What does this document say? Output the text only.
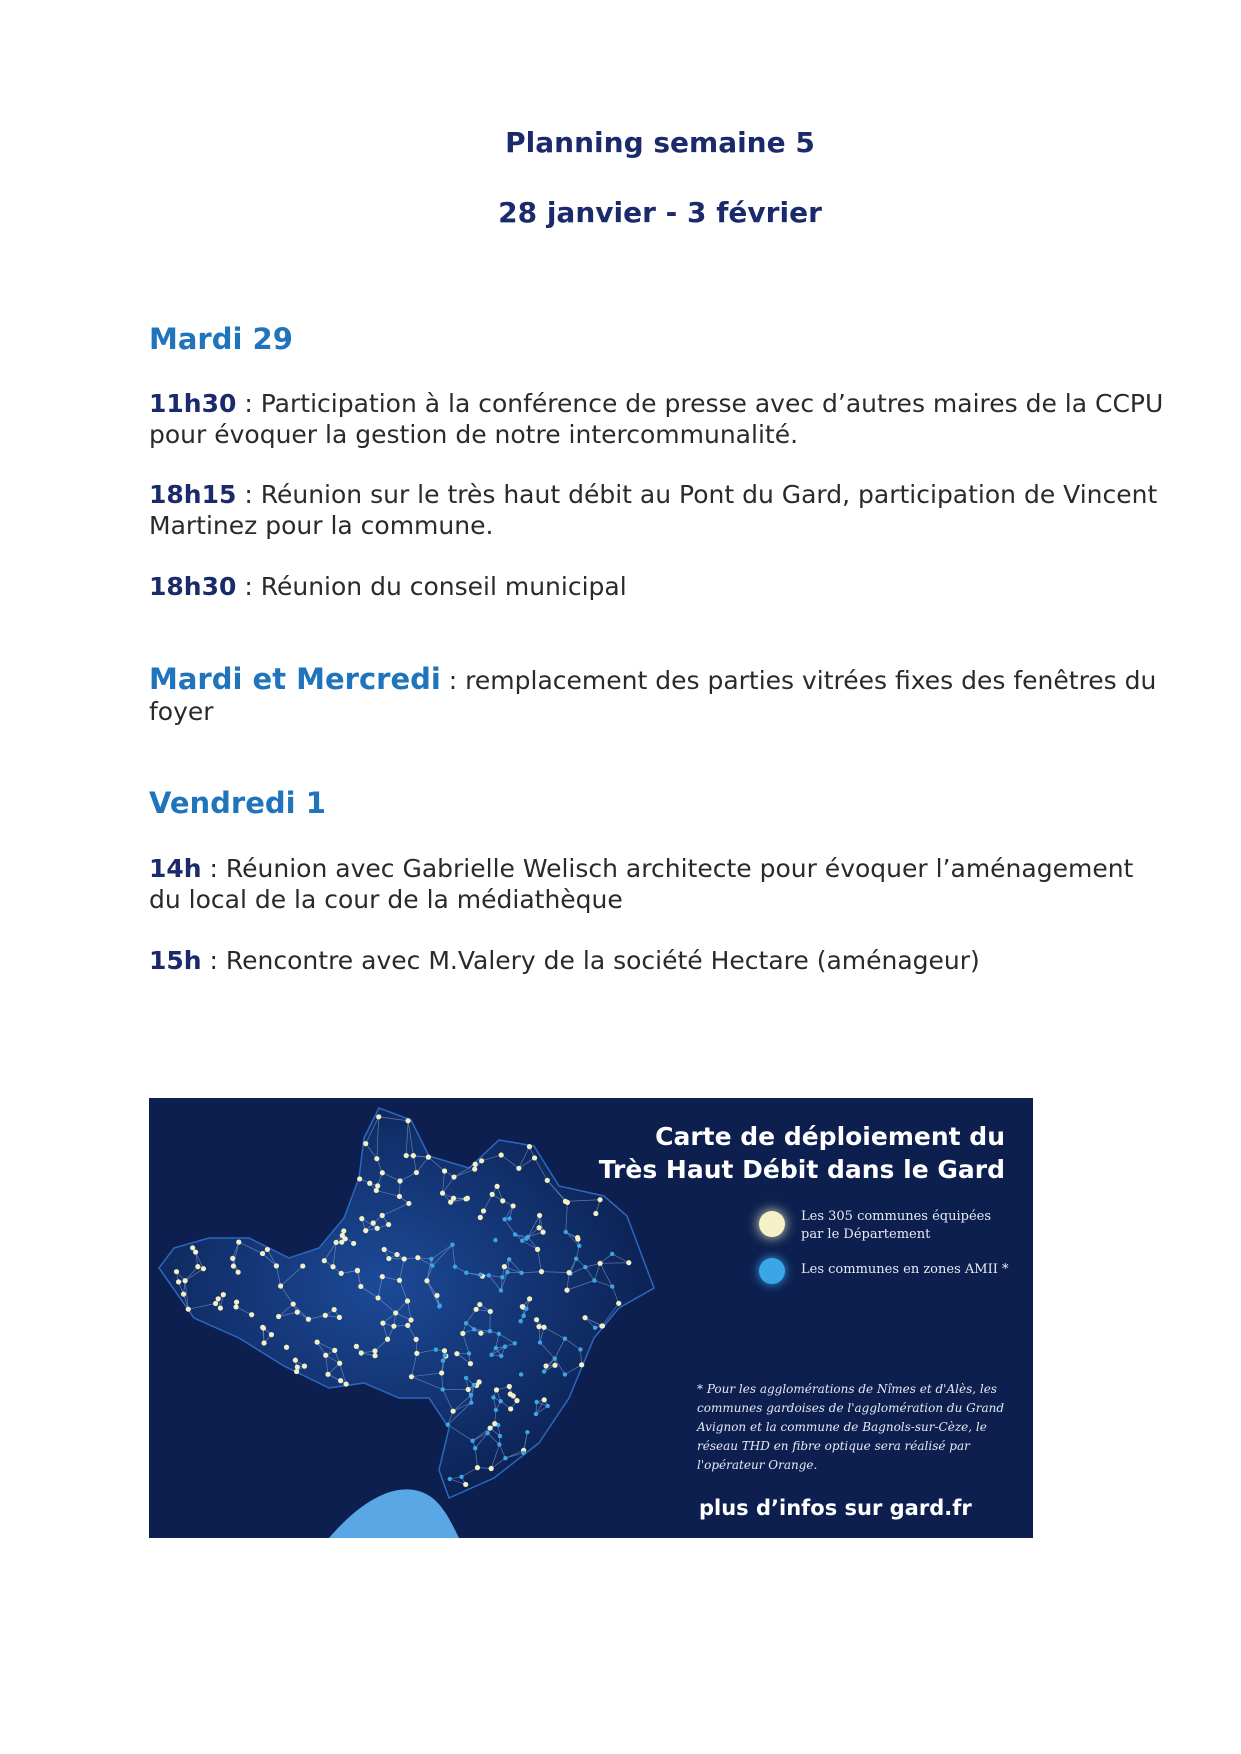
Planning semaine 5
28 janvier - 3 février
Mardi 29
11h30 : Participation à la conférence de presse avec d’autres maires de la CCPU pour évoquer la gestion de notre intercommunalité.
18h15 : Réunion sur le très haut débit au Pont du Gard, participation de Vincent Martinez pour la commune.
18h30 : Réunion du conseil municipal
Mardi et Mercredi : remplacement des parties vitrées fixes des fenêtres du foyer
Vendredi 1
14h : Réunion avec Gabrielle Welisch architecte pour évoquer l’aménagement du local de la cour de la médiathèque
15h : Rencontre avec M.Valery de la société Hectare (aménageur)
Carte de déploiement du
Très Haut Débit dans le Gard
Les 305 communes équipées par le Département
Les communes en zones AMII *
* Pour les agglomérations de Nîmes et d'Alès, les communes gardoises de l'agglomération du Grand Avignon et la commune de Bagnols-sur-Cèze, le réseau THD en fibre optique sera réalisé par l'opérateur Orange.
plus d’infos sur gard.fr
